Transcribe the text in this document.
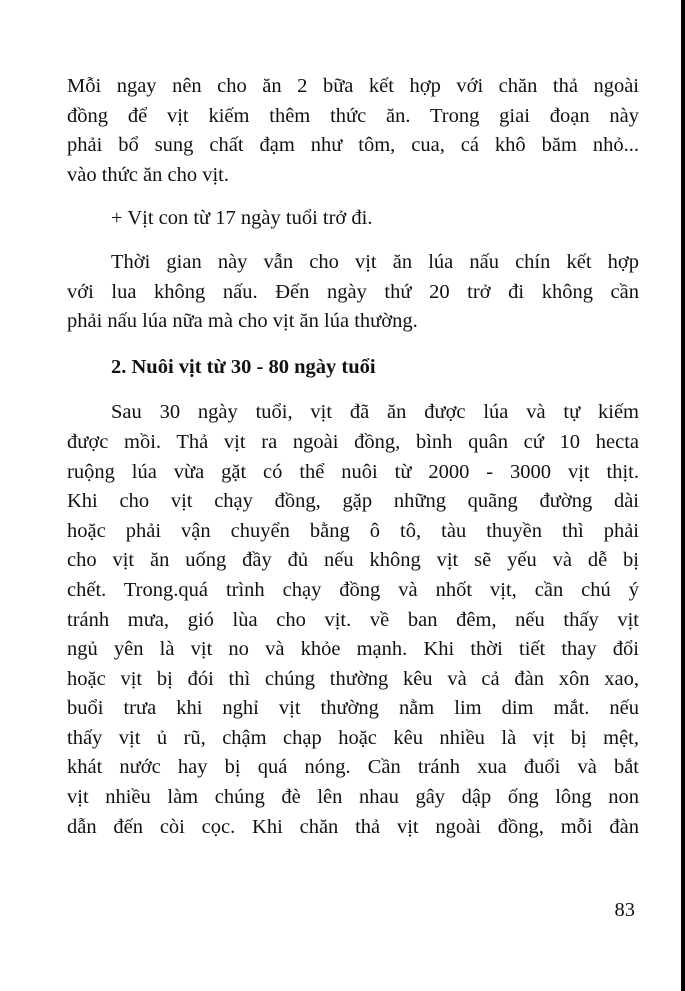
Mỗi ngay nên cho ăn 2 bữa kết hợp với chăn thả ngoài
đồng để vịt kiếm thêm thức ăn. Trong giai đoạn này
phải bổ sung chất đạm như tôm, cua, cá khô băm nhỏ...
vào thức ăn cho vịt.
+ Vịt con từ 17 ngày tuổi trở đi.
Thời gian này vẫn cho vịt ăn lúa nấu chín kết hợp
với lua không nấu. Đến ngày thứ 20 trở đi không cần
phải nấu lúa nữa mà cho vịt ăn lúa thường.
2. Nuôi vịt từ 30 - 80 ngày tuổi
Sau 30 ngày tuổi, vịt đã ăn được lúa và tự kiếm
được mồi. Thả vịt ra ngoài đồng, bình quân cứ 10 hecta
ruộng lúa vừa gặt có thể nuôi từ 2000 - 3000 vịt thịt.
Khi cho vịt chạy đồng, gặp những quãng đường dài
hoặc phải vận chuyển bằng ô tô, tàu thuyền thì phải
cho vịt ăn uống đầy đủ nếu không vịt sẽ yếu và dễ bị
chết. Trong.quá trình chạy đồng và nhốt vịt, cần chú ý
tránh mưa, gió lùa cho vịt. về ban đêm, nếu thấy vịt
ngủ yên là vịt no và khỏe mạnh. Khi thời tiết thay đổi
hoặc vịt bị đói thì chúng thường kêu và cả đàn xôn xao,
buổi trưa khi nghỉ vịt thường nằm lim dim mắt. nếu
thấy vịt ủ rũ, chậm chạp hoặc kêu nhiều là vịt bị mệt,
khát nước hay bị quá nóng. Cần tránh xua đuổi và bắt
vịt nhiều làm chúng đè lên nhau gây dập ống lông non
dẫn đến còi cọc. Khi chăn thả vịt ngoài đồng, mỗi đàn
83
